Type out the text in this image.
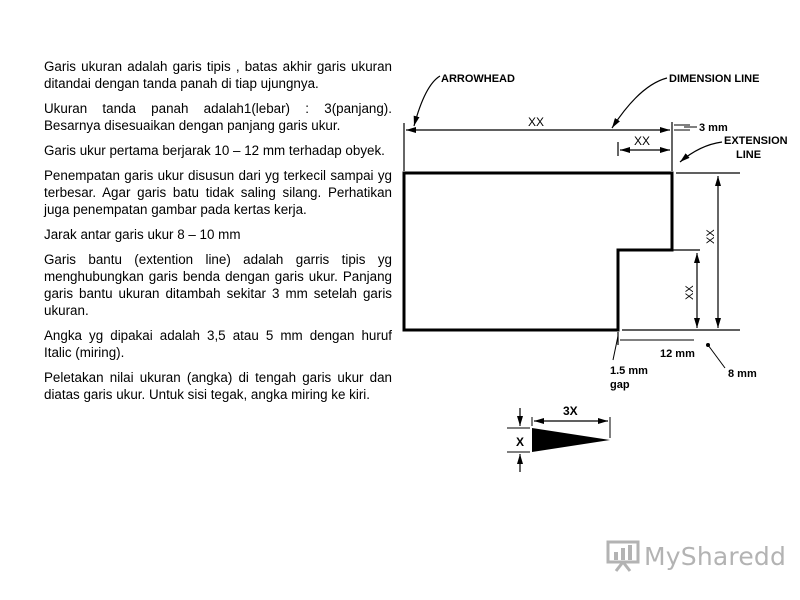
Garis ukuran adalah garis tipis , batas akhir garis ukuran ditandai dengan tanda panah di tiap ujungnya.

Ukuran tanda panah adalah1(lebar) : 3(panjang). Besarnya disesuaikan dengan panjang garis ukur.

Garis ukur pertama berjarak 10 – 12 mm terhadap obyek.

Penempatan garis ukur disusun dari yg terkecil sampai yg terbesar. Agar garis batu tidak saling silang. Perhatikan juga penempatan gambar pada kertas kerja.

Jarak antar garis ukur 8 – 10 mm

Garis bantu (extention line) adalah garris tipis yg menghubungkan garis benda dengan garis ukur. Panjang garis bantu ukuran ditambah sekitar 3 mm setelah garis ukuran.

Angka yg dipakai adalah 3,5 atau 5 mm dengan huruf Italic (miring).

Peletakan nilai ukuran (angka) di tengah garis ukur dan diatas garis ukur. Untuk sisi tegak, angka miring ke kiri.

XX
XX
3 mm
XX
XX
12 mm
8 mm
1.5 mm
gap
ARROWHEAD	DIMENSION LINE
EXTENSION
LINE
X
3X
MySharedd
